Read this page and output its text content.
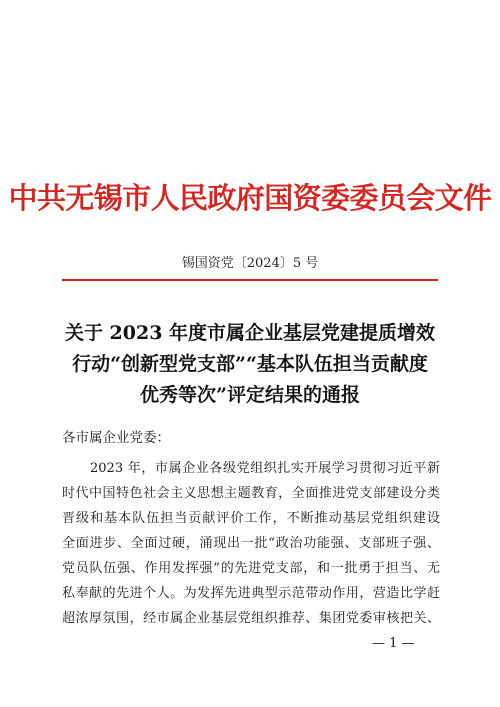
中共无锡市人民政府国资委委员会文件
锡国资党〔2024〕5 号
关于 2023 年度市属企业基层党建提质增效
行动“创新型党支部”“基本队伍担当贡献度
优秀等次”评定结果的通报
各市属企业党委：
2023 年，市属企业各级党组织扎实开展学习贯彻习近平新
时代中国特色社会主义思想主题教育，全面推进党支部建设分类
晋级和基本队伍担当贡献评价工作，不断推动基层党组织建设
全面进步、全面过硬，涌现出一批“政治功能强、支部班子强、
党员队伍强、作用发挥强”的先进党支部，和一批勇于担当、无
私奉献的先进个人。为发挥先进典型示范带动作用，营造比学赶
超浓厚氛围，经市属企业基层党组织推荐、集团党委审核把关、
— 1 —
